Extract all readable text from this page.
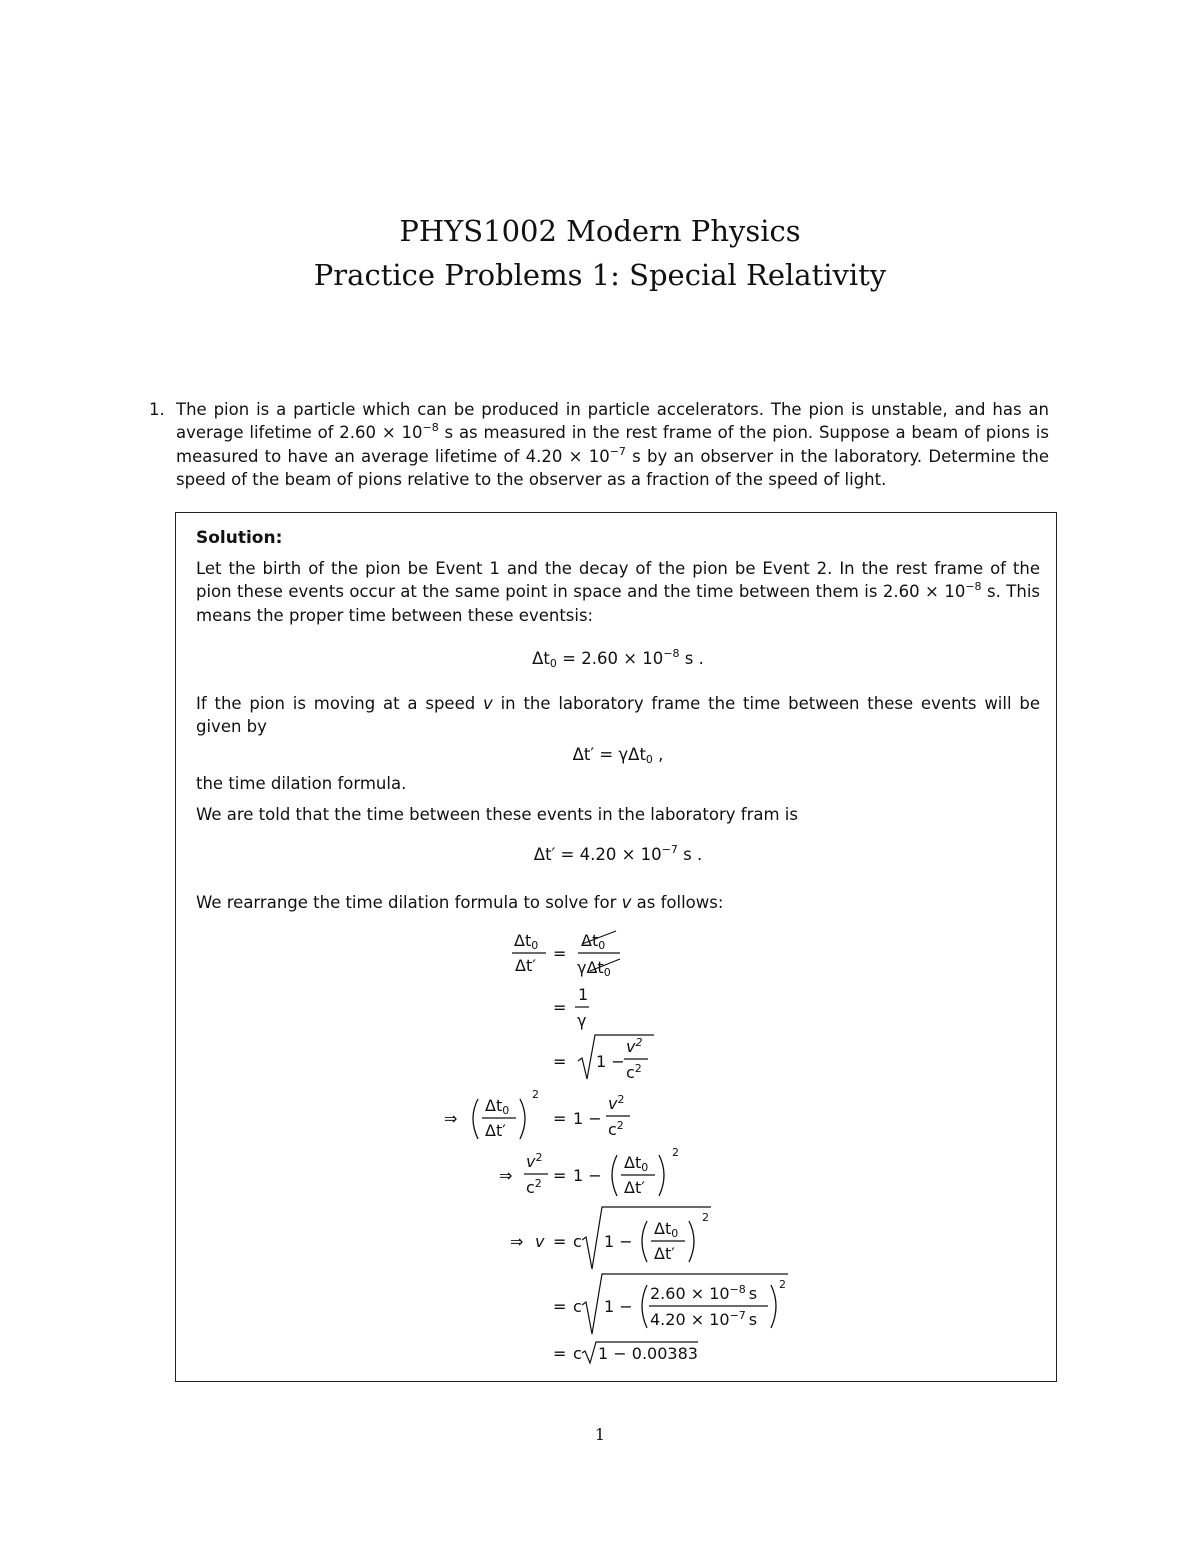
PHYS1002 Modern Physics
Practice Problems 1: Special Relativity
1. The pion is a particle which can be produced in particle accelerators. The pion is unstable, and has an average lifetime of $2.60 \times 10^{-8}$ s as measured in the rest frame of the pion. Suppose a beam of pions is measured to have an average lifetime of $4.20 \times 10^{-7}$ s by an observer in the laboratory. Determine the speed of the beam of pions relative to the observer as a fraction of the speed of light.
Solution:
Let the birth of the pion be Event 1 and the decay of the pion be Event 2. In the rest frame of the pion these events occur at the same point in space and the time between them is $2.60 \times 10^{-8}$ s. This means the proper time between these eventsis:
$\Delta t_0 = 2.60 \times 10^{-8}$ s .
If the pion is moving at a speed v in the laboratory frame the time between these events will be given by
Δt′ = γΔt$_0$ ,
the time dilation formula.
We are told that the time between these events in the laboratory fram is
$\Delta t' = 4.20 \times 10^{-7}$ s .
We rearrange the time dilation formula to solve for v as follows:
Δt0
Δt′
=
Δt0
γΔt0
=
1
γ
= 1 −
$v^2$
$c^2$
⇒
Δt0
Δt′
2
= 1 −
$v^2$
$c^2$
⇒
$v^2$
$c^2 = 1$ −
Δt0
Δt′
2
⇒ v = c 1 −
Δt0
Δt′
2
= c 1 −
$2.60 \times 10^{-8}$ s
$4.20 \times 10^{-7}$ s
2
= c 1 − 0.00383
1
